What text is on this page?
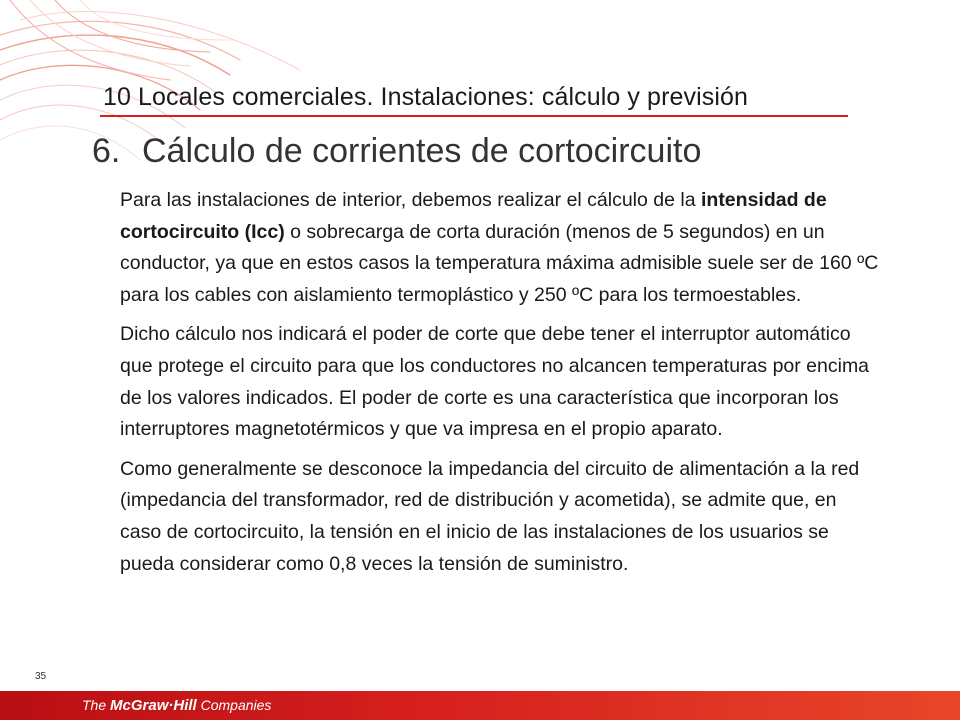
10 Locales comerciales. Instalaciones: cálculo y previsión
6. Cálculo de corrientes de cortocircuito

Para las instalaciones de interior, debemos realizar el cálculo de la intensidad de cortocircuito (Icc) o sobrecarga de corta duración (menos de 5 segundos) en un conductor, ya que en estos casos la temperatura máxima admisible suele ser de 160 ºC para los cables con aislamiento termoplástico y 250 ºC para los termoestables.

Dicho cálculo nos indicará el poder de corte que debe tener el interruptor automático que protege el circuito para que los conductores no alcancen temperaturas por encima de los valores indicados. El poder de corte es una característica que incorporan los interruptores magnetotérmicos y que va impresa en el propio aparato.

Como generalmente se desconoce la impedancia del circuito de alimentación a la red (impedancia del transformador, red de distribución y acometida), se admite que, en caso de cortocircuito, la tensión en el inicio de las instalaciones de los usuarios se pueda considerar como 0,8 veces la tensión de suministro.

35
The McGraw·Hill Companies
